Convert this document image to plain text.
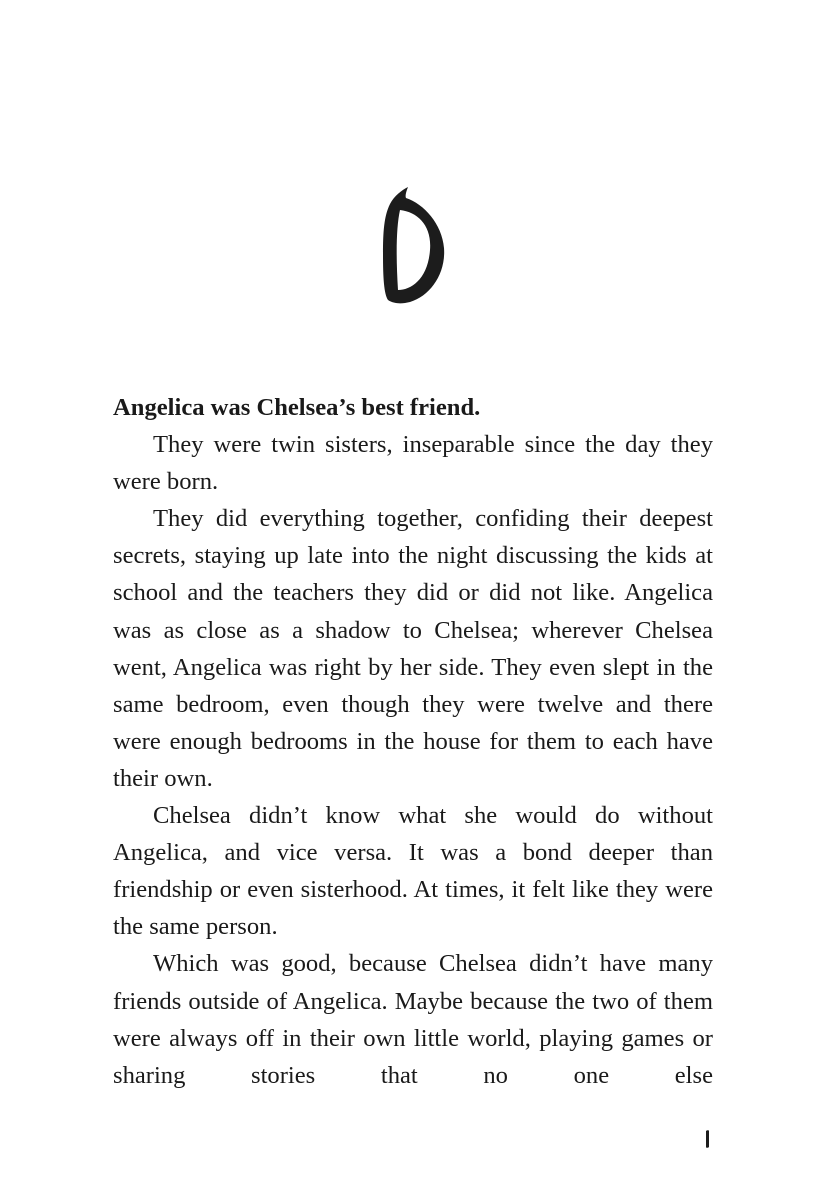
Angelica was Chelsea’s best friend.

They were twin sisters, inseparable since the day they were born.

They did everything together, confiding their deepest secrets, staying up late into the night discussing the kids at school and the teachers they did or did not like. Angelica was as close as a shadow to Chelsea; wherever Chelsea went, Angelica was right by her side. They even slept in the same bedroom, even though they were twelve and there were enough bedrooms in the house for them to each have their own.

Chelsea didn’t know what she would do without Angelica, and vice versa. It was a bond deeper than friendship or even sisterhood. At times, it felt like they were the same person.

Which was good, because Chelsea didn’t have many friends outside of Angelica. Maybe because the two of them were always off in their own little world, playing games or sharing stories that no one else
